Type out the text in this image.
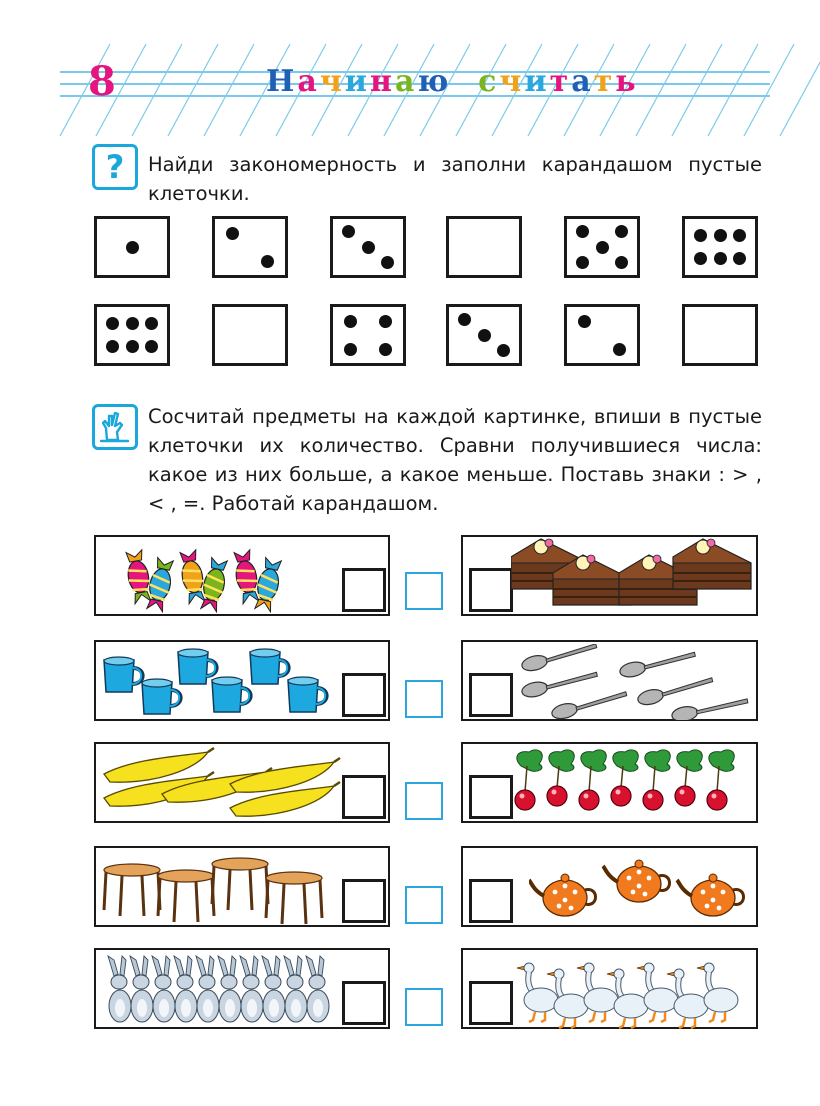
8	Начинаю считать
? Найди закономерность и заполни карандашом пустые клеточки.
Сосчитай предметы на каждой картинке, впиши в пустые клеточки их количество. Сравни получившиеся числа: какое из них больше, а какое меньше. Поставь знаки : > , < , =. Работай карандашом.
